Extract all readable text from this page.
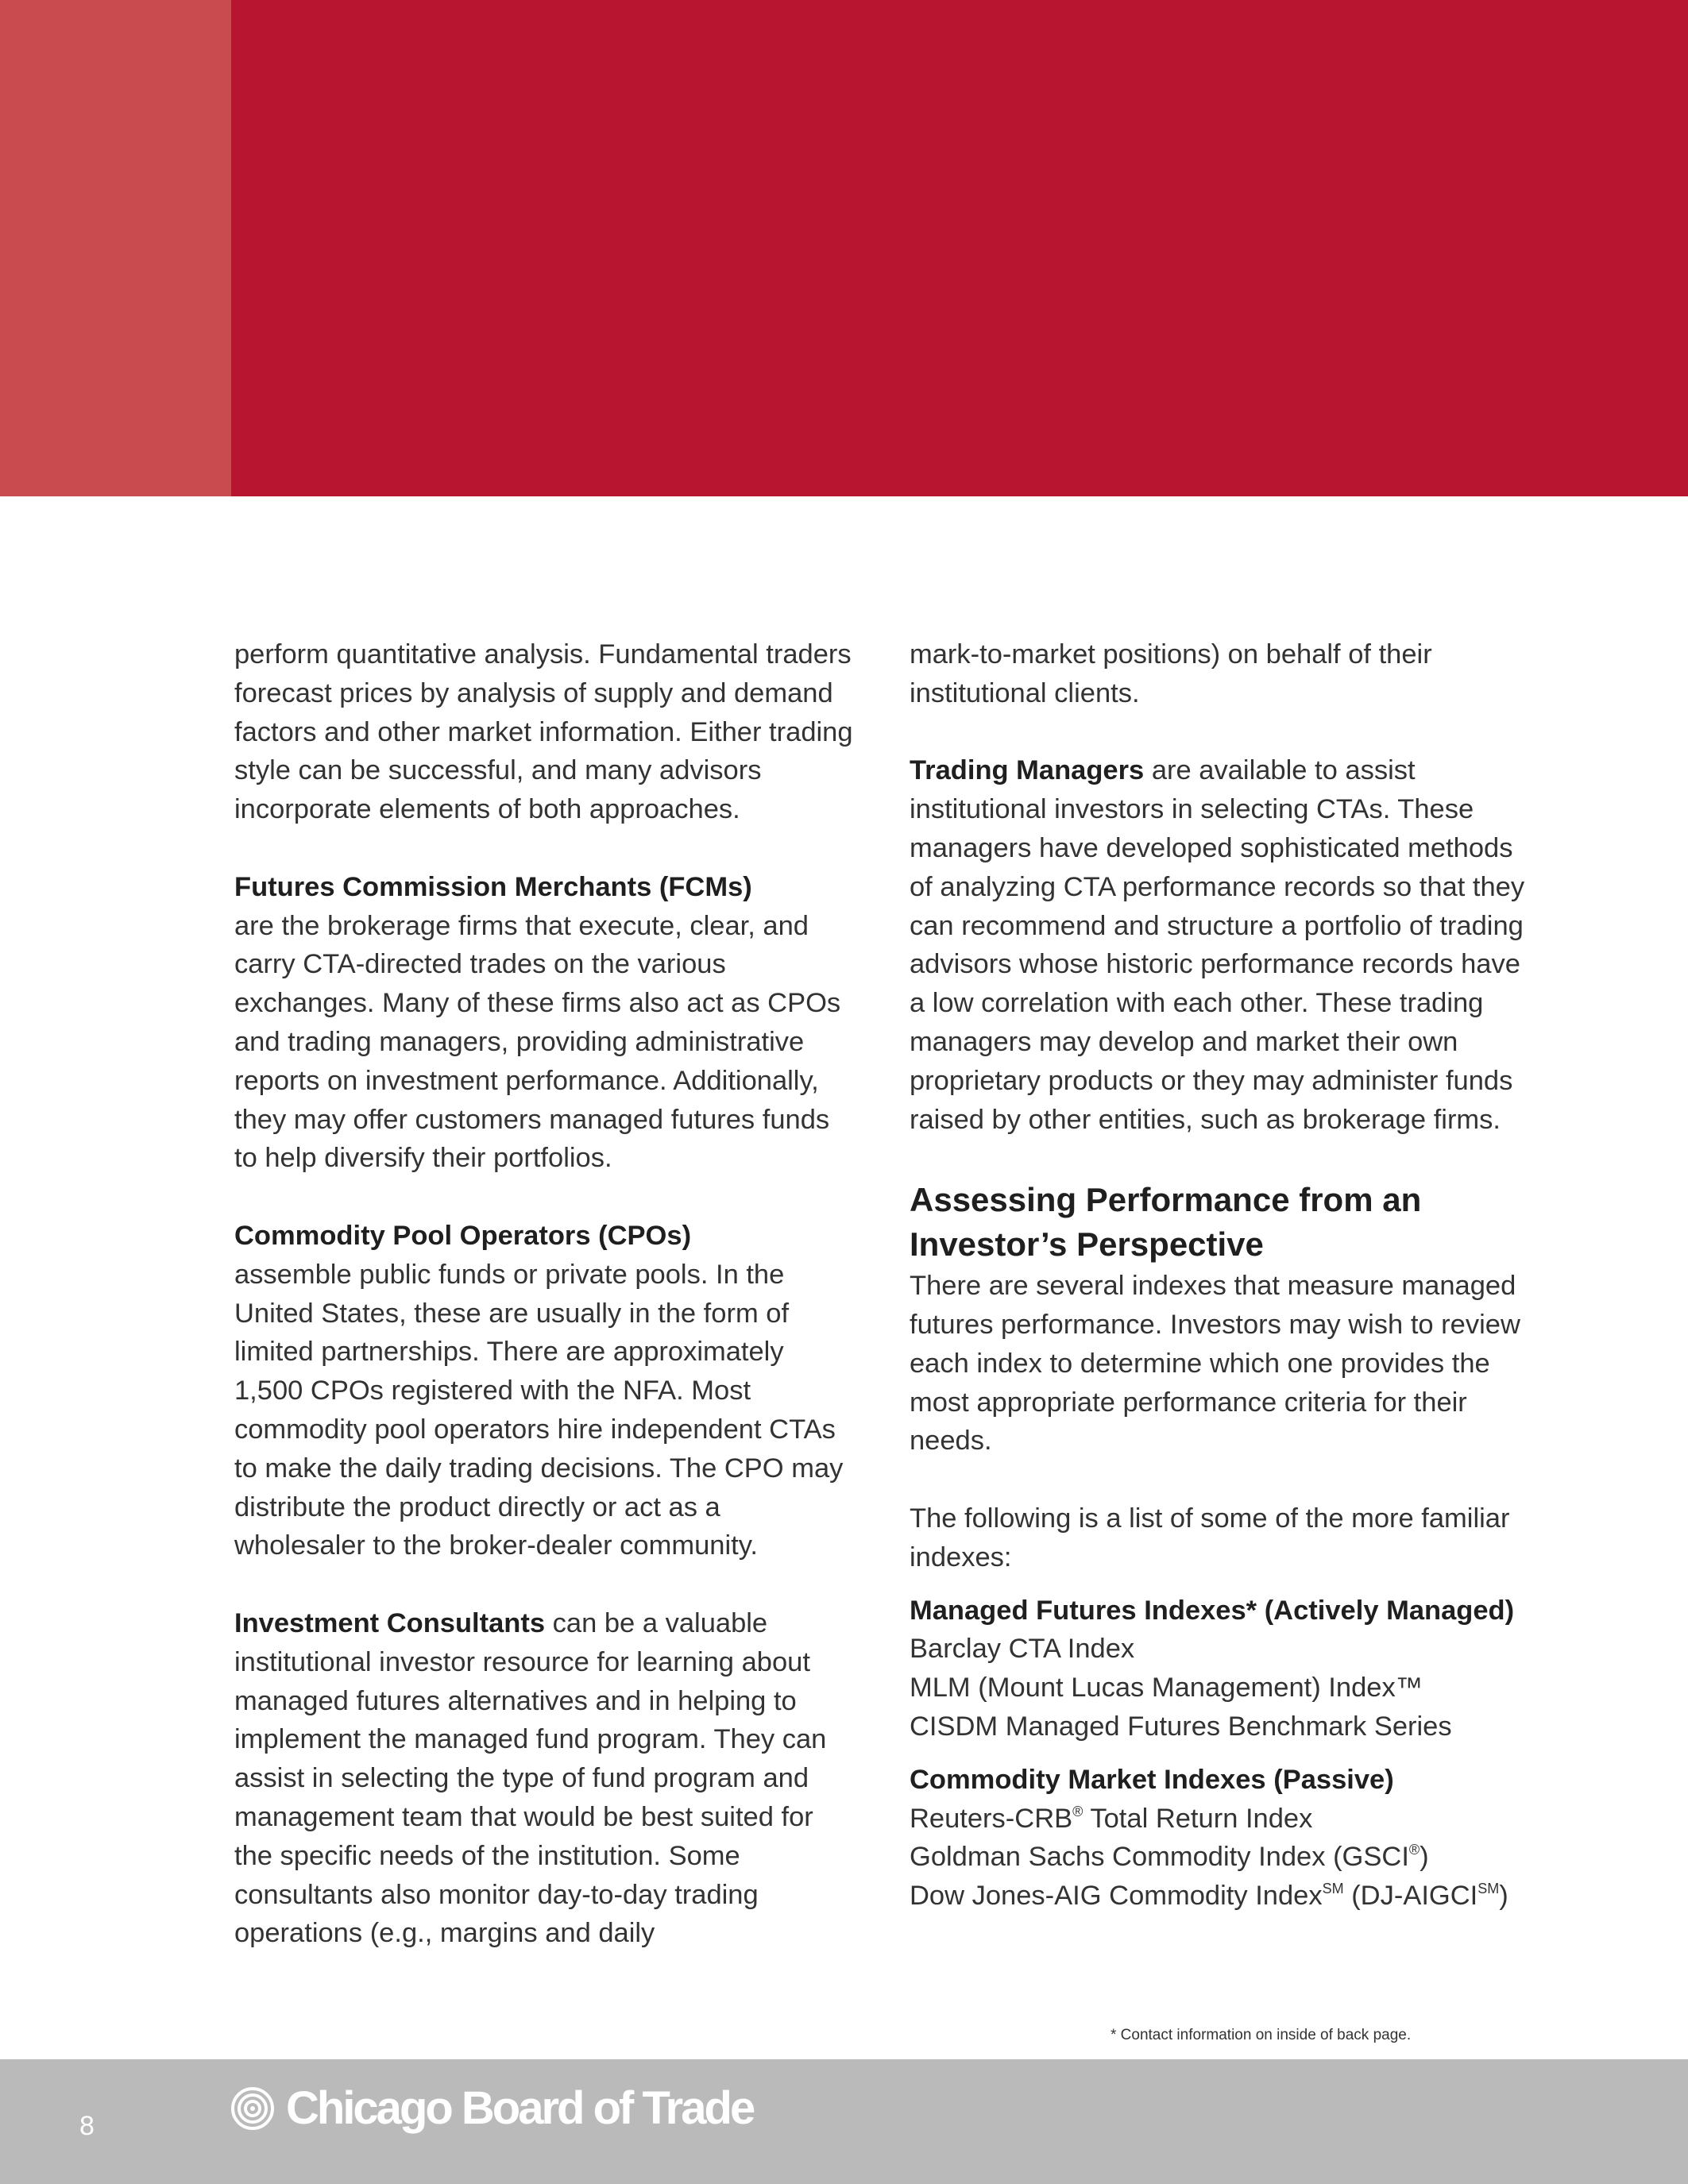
perform quantitative analysis. Fundamental traders forecast prices by analysis of supply and demand factors and other market information. Either trading style can be successful, and many advisors incorporate elements of both approaches.

Futures Commission Merchants (FCMs)
are the brokerage firms that execute, clear, and carry CTA-directed trades on the various exchanges. Many of these firms also act as CPOs and trading managers, providing administrative reports on investment performance. Additionally, they may offer customers managed futures funds to help diversify their portfolios.

Commodity Pool Operators (CPOs)
assemble public funds or private pools. In the United States, these are usually in the form of limited partnerships. There are approximately 1,500 CPOs registered with the NFA. Most commodity pool operators hire independent CTAs to make the daily trading decisions. The CPO may distribute the product directly or act as a wholesaler to the broker-dealer community.

Investment Consultants can be a valuable institutional investor resource for learning about managed futures alternatives and in helping to implement the managed fund program. They can assist in selecting the type of fund program and management team that would be best suited for the specific needs of the institution. Some consultants also monitor day-to-day trading operations (e.g., margins and daily

mark-to-market positions) on behalf of their institutional clients.

Trading Managers are available to assist institutional investors in selecting CTAs. These managers have developed sophisticated methods of analyzing CTA performance records so that they can recommend and structure a portfolio of trading advisors whose historic performance records have a low correlation with each other. These trading managers may develop and market their own proprietary products or they may administer funds raised by other entities, such as brokerage firms.

Assessing Performance from an Investor’s Perspective

There are several indexes that measure managed futures performance. Investors may wish to review each index to determine which one provides the most appropriate performance criteria for their needs.

The following is a list of some of the more familiar indexes:

Managed Futures Indexes* (Actively Managed)
Barclay CTA Index
MLM (Mount Lucas Management) Index™
CISDM Managed Futures Benchmark Series
Commodity Market Indexes (Passive)
Reuters-CRB® Total Return Index
Goldman Sachs Commodity Index (GSCI®)
Dow Jones-AIG Commodity Index℠ (DJ-AIGCI℠)
* Contact information on inside of back page.
8	Chicago Board of Trade
